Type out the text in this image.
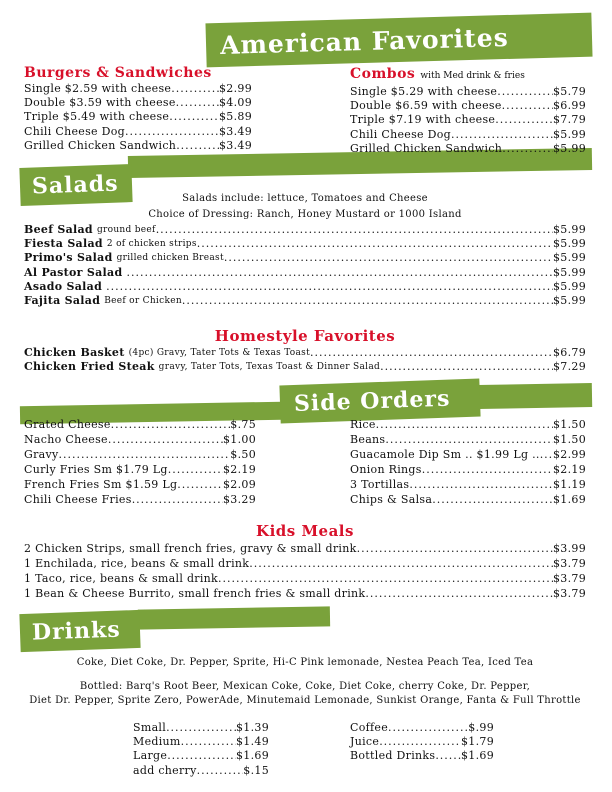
American Favorites
Salads
Side Orders
Drinks
Burgers & Sandwiches
Single $2.59 with cheese .....	$2.99
Double $3.59 with cheese .....	$4.09
Triple $5.49 with cheese .....	$5.89
Chili Cheese Dog .....	$3.49
Grilled Chicken Sandwich .....	$3.49
Combos with Med drink & fries
Single $5.29 with cheese .....	$5.79
Double $6.59 with cheese .....	$6.99
Triple $7.19 with cheese .....	$7.79
Chili Cheese Dog .....	$5.99
Grilled Chicken Sandwich .....	$5.99
Salads include: lettuce, Tomatoes and Cheese
Choice of Dressing: Ranch, Honey Mustard or 1000 Island
Beef Salad ground beef .....	$5.99
Fiesta Salad 2 of chicken strips .....	$5.99
Primo's Salad grilled chicken Breast .....	$5.99
Al Pastor Salad .....	$5.99
Asado Salad .....	$5.99
Fajita Salad Beef or Chicken .....	$5.99
Homestyle Favorites
Chicken Basket (4pc) Gravy, Tater Tots & Texas Toast .....	$6.79
Chicken Fried Steak gravy, Tater Tots, Texas Toast & Dinner Salad .....	$7.29
Grated Cheese .....	$.75
Nacho Cheese .....	$1.00
Gravy .....	$.50
Curly Fries Sm $1.79 Lg .....	$2.19
French Fries Sm $1.59 Lg .....	$2.09
Chili Cheese Fries .....	$3.29
Rice .....	$1.50
Beans .....	$1.50
Guacamole Dip Sm .. $1.99 Lg .. ..... $2.99
Onion Rings .....	$2.19
3 Tortillas .....	$1.19
Chips & Salsa .....	$1.69
Kids Meals
2 Chicken Strips, small french fries, gravy & small drink .....	$3.99
1 Enchilada, rice, beans & small drink .....	$3.79
1 Taco, rice, beans & small drink .....	$3.79
1 Bean & Cheese Burrito, small french fries & small drink .....	$3.79
Coke, Diet Coke, Dr. Pepper, Sprite, Hi-C Pink lemonade, Nestea Peach Tea, Iced Tea
Bottled: Barq's Root Beer, Mexican Coke, Coke, Diet Coke, cherry Coke, Dr. Pepper,
Diet Dr. Pepper, Sprite Zero, PowerAde, Minutemaid Lemonade, Sunkist Orange, Fanta & Full Throttle
Small .....	$1.39
Medium .....	$1.49
Large .....	$1.69
add cherry .....	$.15
Coffee .....	$.99
Juice .....	$1.79
Bottled Drinks ..... $1.69
